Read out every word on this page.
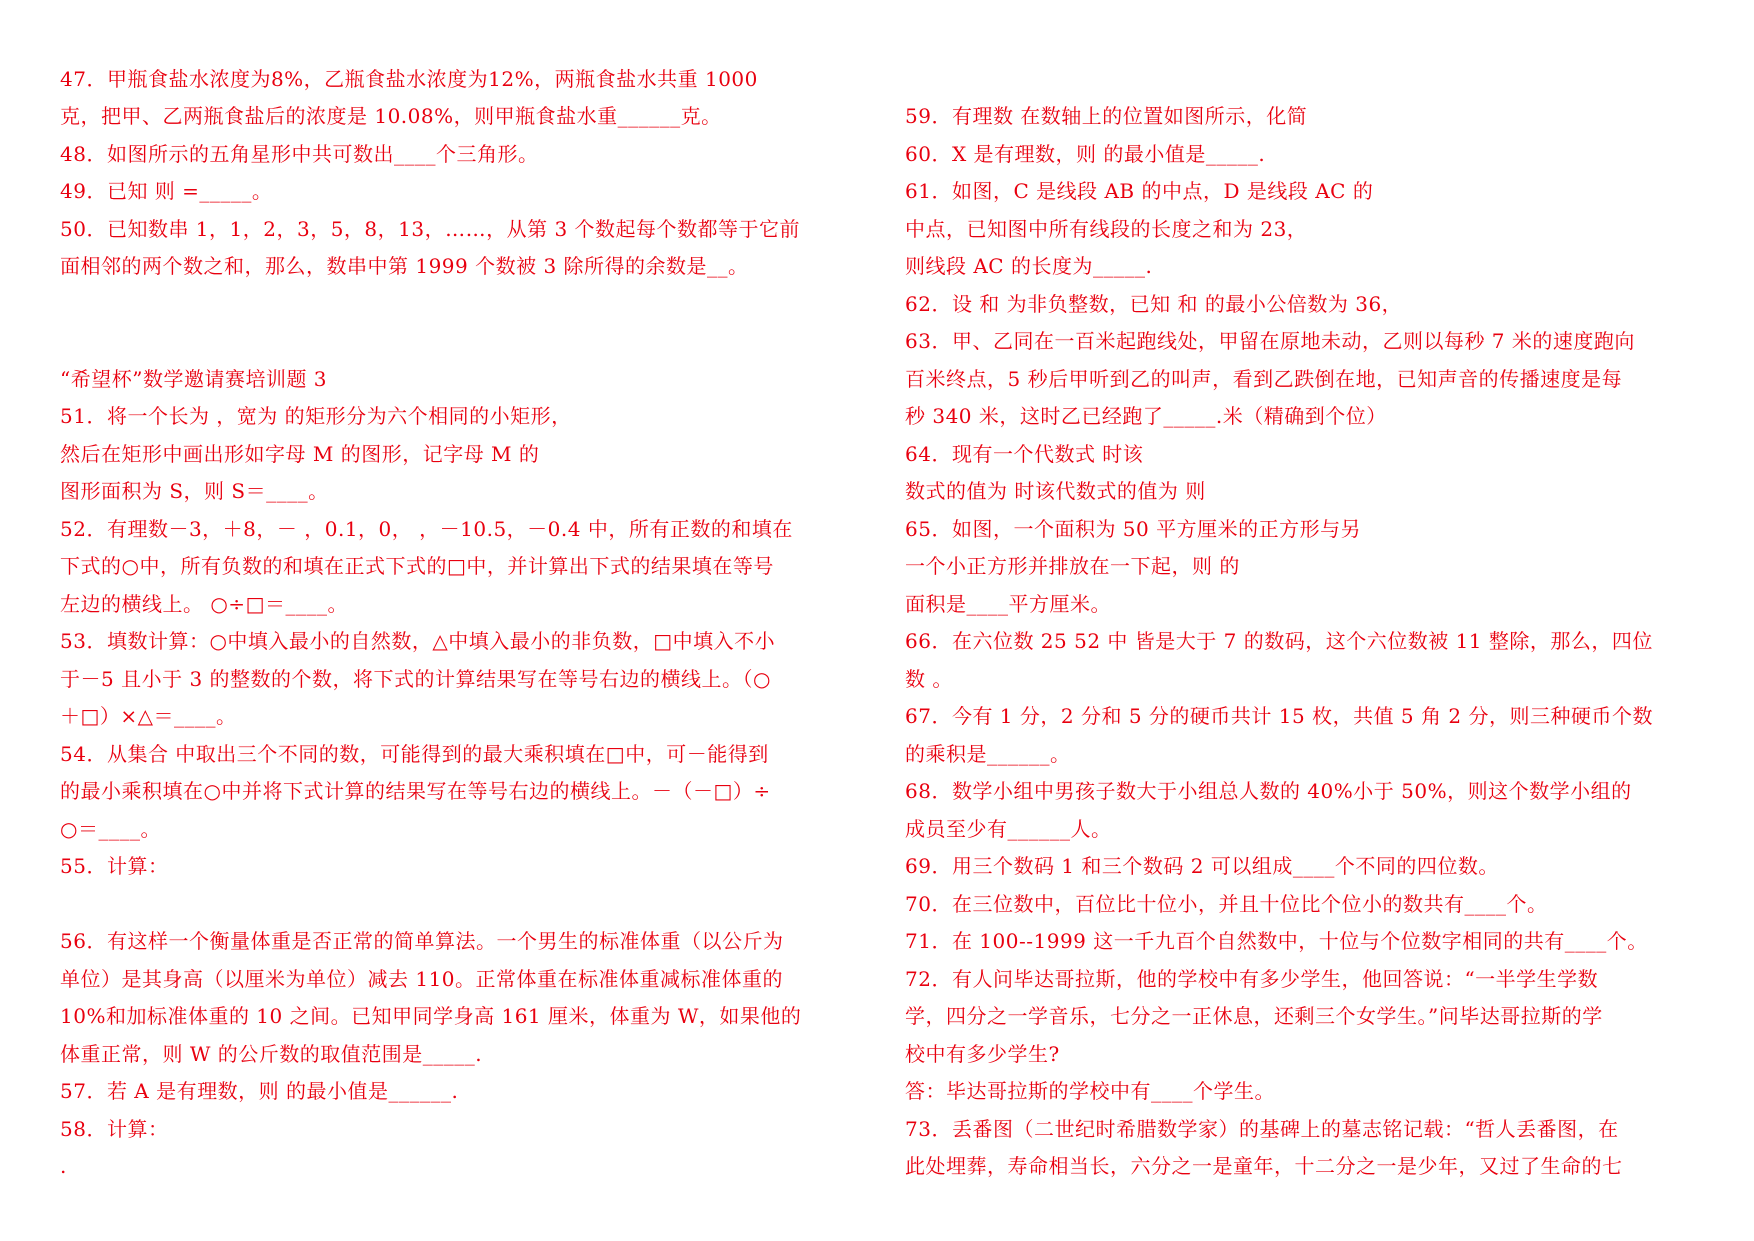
47．甲瓶食盐水浓度为8%，乙瓶食盐水浓度为12%，两瓶食盐水共重 1000
克，把甲、乙两瓶食盐后的浓度是 10.08%，则甲瓶食盐水重______克。
48．如图所示的五角星形中共可数出____个三角形。
49．已知 则 =_____。
50．已知数串 1，1，2，3，5，8，13，……，从第 3 个数起每个数都等于它前
面相邻的两个数之和，那么，数串中第 1999 个数被 3 除所得的余数是__。
“希望杯”数学邀请赛培训题 3
51．将一个长为 ，宽为 的矩形分为六个相同的小矩形，
然后在矩形中画出形如字母 M 的图形，记字母 M 的
图形面积为 S，则 S＝____。
52．有理数－3，＋8，－ ，0.1，0， ，－10.5，－0.4 中，所有正数的和填在
下式的○中，所有负数的和填在正式下式的□中，并计算出下式的结果填在等号
左边的横线上。 ○÷□＝____。
53．填数计算：○中填入最小的自然数，△中填入最小的非负数，□中填入不小
于－5 且小于 3 的整数的个数，将下式的计算结果写在等号右边的横线上。（○
＋□）×△＝____。
54．从集合 中取出三个不同的数，可能得到的最大乘积填在□中，可－能得到
的最小乘积填在○中并将下式计算的结果写在等号右边的横线上。－（－□）÷
○＝____。
55．计算：
56．有这样一个衡量体重是否正常的简单算法。一个男生的标准体重（以公斤为
单位）是其身高（以厘米为单位）减去 110。正常体重在标准体重减标准体重的
10%和加标准体重的 10 之间。已知甲同学身高 161 厘米，体重为 W，如果他的
体重正常，则 W 的公斤数的取值范围是_____.
57．若 A 是有理数，则 的最小值是______.
58．计算：
.
59．有理数 在数轴上的位置如图所示，化简
60．X 是有理数，则 的最小值是_____.
61．如图，C 是线段 AB 的中点，D 是线段 AC 的
中点，已知图中所有线段的长度之和为 23，
则线段 AC 的长度为_____.
62．设 和 为非负整数，已知 和 的最小公倍数为 36，
63．甲、乙同在一百米起跑线处，甲留在原地未动，乙则以每秒 7 米的速度跑向
百米终点，5 秒后甲听到乙的叫声，看到乙跌倒在地，已知声音的传播速度是每
秒 340 米，这时乙已经跑了_____.米（精确到个位）
64．现有一个代数式 时该
数式的值为 时该代数式的值为 则
65．如图，一个面积为 50 平方厘米的正方形与另
一个小正方形并排放在一下起，则 的
面积是____平方厘米。
66．在六位数 25 52 中 皆是大于 7 的数码，这个六位数被 11 整除，那么，四位
数 。
67．今有 1 分，2 分和 5 分的硬币共计 15 枚，共值 5 角 2 分，则三种硬币个数
的乘积是______。
68．数学小组中男孩子数大于小组总人数的 40%小于 50%，则这个数学小组的
成员至少有______人。
69．用三个数码 1 和三个数码 2 可以组成____个不同的四位数。
70．在三位数中，百位比十位小，并且十位比个位小的数共有____个。
71．在 100--1999 这一千九百个自然数中，十位与个位数字相同的共有____个。
72．有人问毕达哥拉斯，他的学校中有多少学生，他回答说：“一半学生学数
学，四分之一学音乐，七分之一正休息，还剩三个女学生。”问毕达哥拉斯的学
校中有多少学生?
答：毕达哥拉斯的学校中有____个学生。
73．丢番图（二世纪时希腊数学家）的基碑上的墓志铭记载：“哲人丢番图，在
此处埋葬，寿命相当长，六分之一是童年，十二分之一是少年，又过了生命的七
